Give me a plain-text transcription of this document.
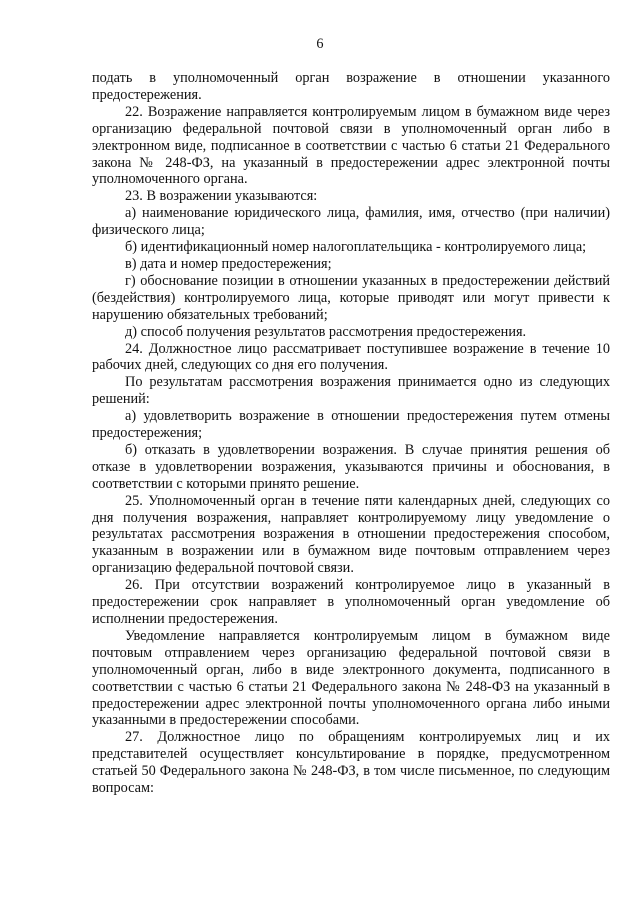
6

подать в уполномоченный орган возражение в отношении указанного предостережения.

22. Возражение направляется контролируемым лицом в бумажном виде через организацию федеральной почтовой связи в уполномоченный орган либо в электронном виде, подписанное в соответствии с частью 6 статьи 21 Федерального закона № 248-ФЗ, на указанный в предостережении адрес электронной почты уполномоченного органа.

23. В возражении указываются:

а) наименование юридического лица, фамилия, имя, отчество (при наличии) физического лица;

б) идентификационный номер налогоплательщика - контролируемого лица;

в) дата и номер предостережения;

г) обоснование позиции в отношении указанных в предостережении действий (бездействия) контролируемого лица, которые приводят или могут привести к нарушению обязательных требований;

д) способ получения результатов рассмотрения предостережения.

24. Должностное лицо рассматривает поступившее возражение в течение 10 рабочих дней, следующих со дня его получения.

По результатам рассмотрения возражения принимается одно из следующих решений:

а) удовлетворить возражение в отношении предостережения путем отмены предостережения;

б) отказать в удовлетворении возражения. В случае принятия решения об отказе в удовлетворении возражения, указываются причины и обоснования, в соответствии с которыми принято решение.

25. Уполномоченный орган в течение пяти календарных дней, следующих со дня получения возражения, направляет контролируемому лицу уведомление о результатах рассмотрения возражения в отношении предостережения способом, указанным в возражении или в бумажном виде почтовым отправлением через организацию федеральной почтовой связи.

26. При отсутствии возражений контролируемое лицо в указанный в предостережении срок направляет в уполномоченный орган уведомление об исполнении предостережения.

Уведомление направляется контролируемым лицом в бумажном виде почтовым отправлением через организацию федеральной почтовой связи в уполномоченный орган, либо в виде электронного документа, подписанного в соответствии с частью 6 статьи 21 Федерального закона № 248-ФЗ на указанный в предостережении адрес электронной почты уполномоченного органа либо иными указанными в предостережении способами.

27. Должностное лицо по обращениям контролируемых лиц и их представителей осуществляет консультирование в порядке, предусмотренном статьей 50 Федерального закона № 248-ФЗ, в том числе письменное, по следующим вопросам:
